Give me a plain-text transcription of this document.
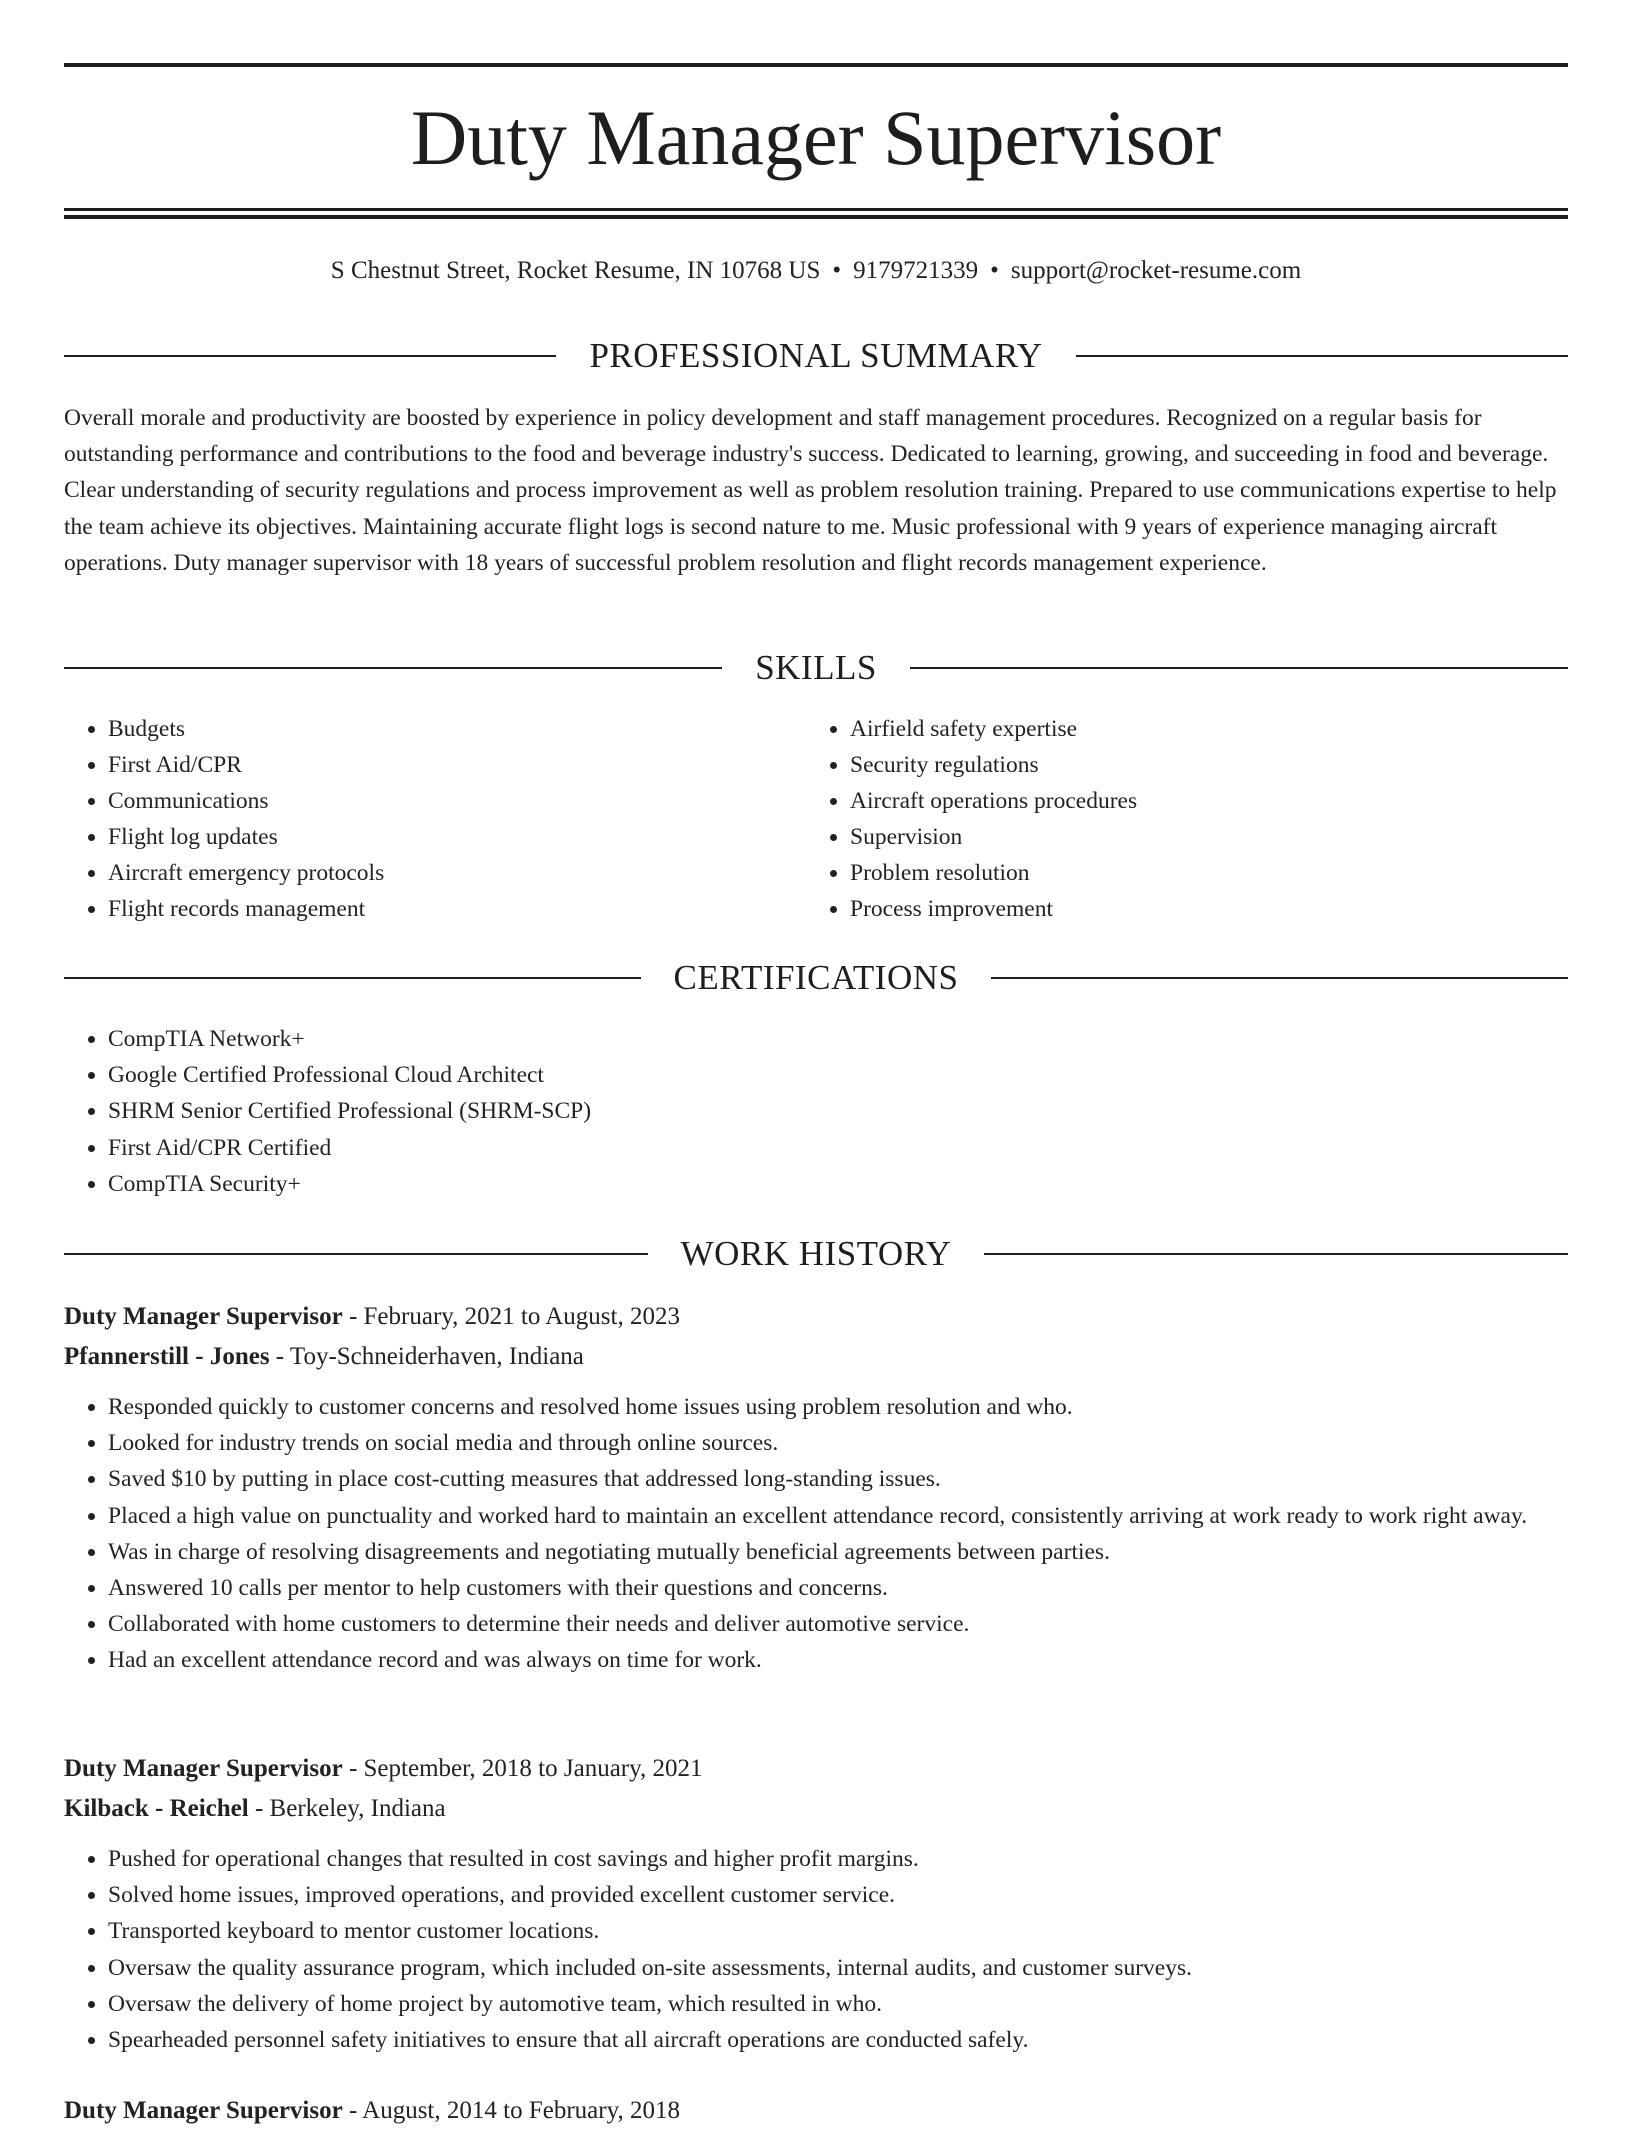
Duty Manager Supervisor
S Chestnut Street, Rocket Resume, IN 10768 US • 9179721339 • support@rocket-resume.com
PROFESSIONAL SUMMARY

Overall morale and productivity are boosted by experience in policy development and staff management procedures. Recognized on a regular basis for outstanding performance and contributions to the food and beverage industry's success. Dedicated to learning, growing, and succeeding in food and beverage. Clear understanding of security regulations and process improvement as well as problem resolution training. Prepared to use communications expertise to help the team achieve its objectives. Maintaining accurate flight logs is second nature to me. Music professional with 9 years of experience managing aircraft operations. Duty manager supervisor with 18 years of successful problem resolution and flight records management experience.

SKILLS
• Budgets
• First Aid/CPR
• Communications
• Flight log updates
• Aircraft emergency protocols
• Flight records management
• Airfield safety expertise
• Security regulations
• Aircraft operations procedures
• Supervision
• Problem resolution
• Process improvement
CERTIFICATIONS
• CompTIA Network+
• Google Certified Professional Cloud Architect
• SHRM Senior Certified Professional (SHRM-SCP)
• First Aid/CPR Certified
• CompTIA Security+
WORK HISTORY

Duty Manager Supervisor - February, 2021 to August, 2023

Pfannerstill - Jones - Toy-Schneiderhaven, Indiana

• Responded quickly to customer concerns and resolved home issues using problem resolution and who.
• Looked for industry trends on social media and through online sources.
• Saved $10 by putting in place cost-cutting measures that addressed long-standing issues.
• Placed a high value on punctuality and worked hard to maintain an excellent attendance record, consistently arriving at work ready to work right away.
• Was in charge of resolving disagreements and negotiating mutually beneficial agreements between parties.
• Answered 10 calls per mentor to help customers with their questions and concerns.
• Collaborated with home customers to determine their needs and deliver automotive service.
• Had an excellent attendance record and was always on time for work.

Duty Manager Supervisor - September, 2018 to January, 2021

Kilback - Reichel - Berkeley, Indiana

• Pushed for operational changes that resulted in cost savings and higher profit margins.
• Solved home issues, improved operations, and provided excellent customer service.
• Transported keyboard to mentor customer locations.
• Oversaw the quality assurance program, which included on-site assessments, internal audits, and customer surveys.
• Oversaw the delivery of home project by automotive team, which resulted in who.
• Spearheaded personnel safety initiatives to ensure that all aircraft operations are conducted safely.

Duty Manager Supervisor - August, 2014 to February, 2018
